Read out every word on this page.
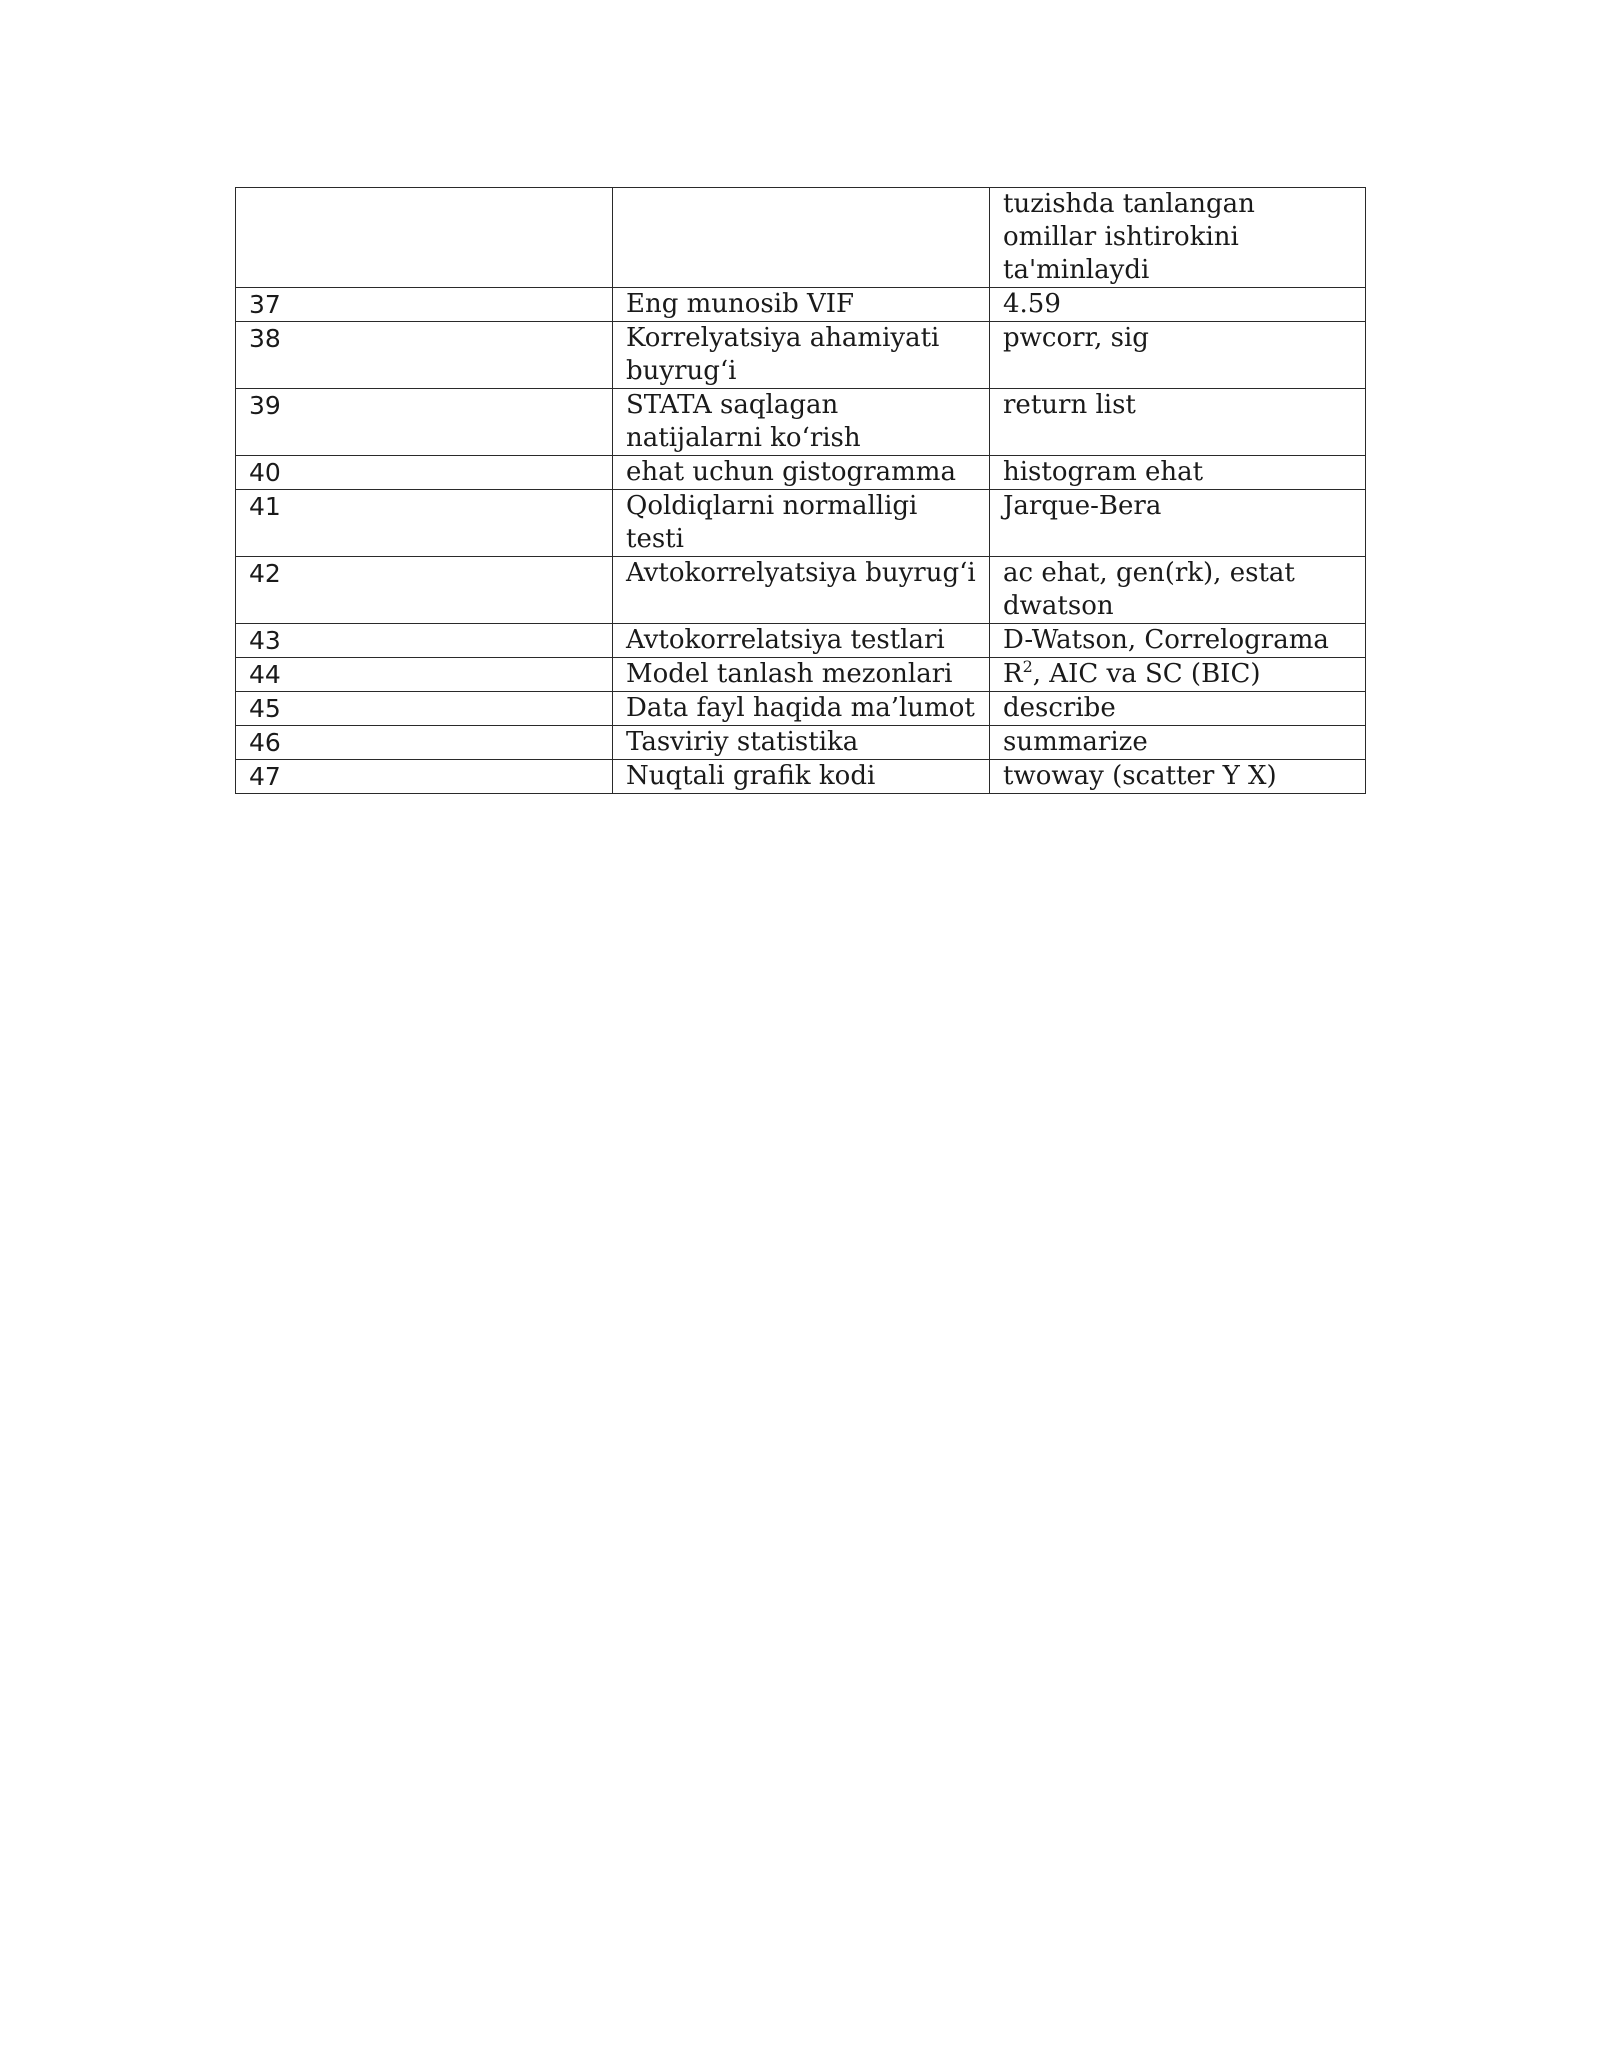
		tuzishda tanlangan omillar ishtirokini ta'minlaydi
37	Eng munosib VIF	4.59
38	Korrelyatsiya ahamiyati buyrug‘i	pwcorr, sig
39	STATA saqlagan natijalarni ko‘rish	return list
40	ehat uchun gistogramma	histogram ehat
41	Qoldiqlarni normalligi testi	Jarque-Bera
42	Avtokorrelyatsiya buyrug‘i	ac ehat, gen(rk), estat dwatson
43	Avtokorrelatsiya testlari	D-Watson, Correlograma
44	Model tanlash mezonlari	$R^2$, AIC va SC (BIC)
45	Data fayl haqida ma’lumot	describe
46	Tasviriy statistika	summarize
47	Nuqtali grafik kodi	twoway (scatter Y X)
